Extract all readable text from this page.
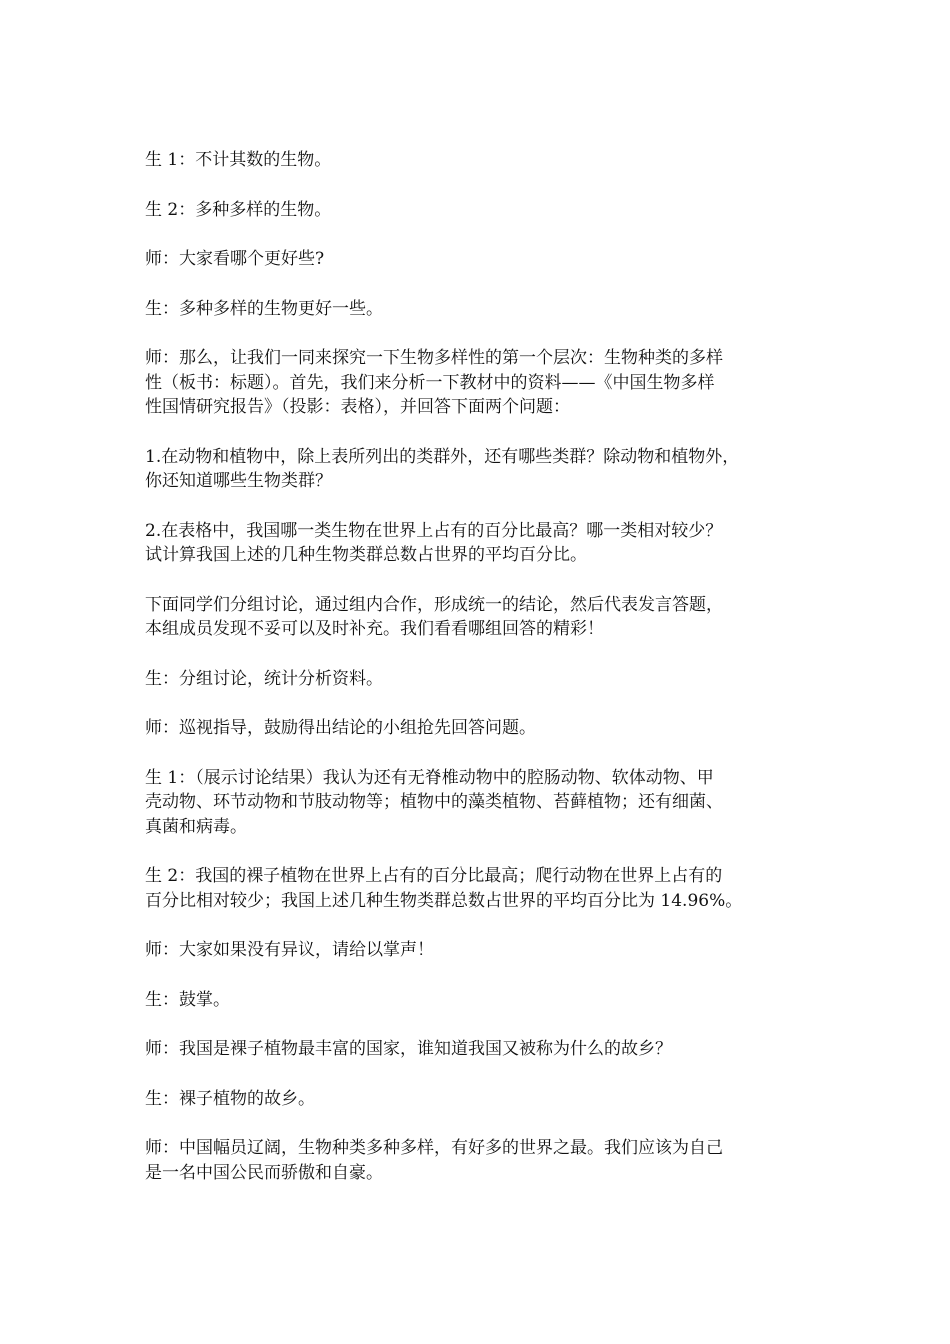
生 1：不计其数的生物。

生 2：多种多样的生物。

师：大家看哪个更好些?

生：多种多样的生物更好一些。

师：那么，让我们一同来探究一下生物多样性的第一个层次：生物种类的多样
性（板书：标题）。首先，我们来分析一下教材中的资料——《中国生物多样
性国情研究报告》（投影：表格），并回答下面两个问题：

1.在动物和植物中，除上表所列出的类群外，还有哪些类群？除动物和植物外，
你还知道哪些生物类群？

2.在表格中，我国哪一类生物在世界上占有的百分比最高？哪一类相对较少？
试计算我国上述的几种生物类群总数占世界的平均百分比。

下面同学们分组讨论，通过组内合作，形成统一的结论，然后代表发言答题，
本组成员发现不妥可以及时补充。我们看看哪组回答的精彩！

生：分组讨论，统计分析资料。

师：巡视指导，鼓励得出结论的小组抢先回答问题。

生 1：（展示讨论结果）我认为还有无脊椎动物中的腔肠动物、软体动物、甲
壳动物、环节动物和节肢动物等；植物中的藻类植物、苔藓植物；还有细菌、
真菌和病毒。

生 2：我国的裸子植物在世界上占有的百分比最高；爬行动物在世界上占有的
百分比相对较少；我国上述几种生物类群总数占世界的平均百分比为 14.96%。

师：大家如果没有异议，请给以掌声！

生：鼓掌。

师：我国是裸子植物最丰富的国家，谁知道我国又被称为什么的故乡？

生：裸子植物的故乡。

师：中国幅员辽阔，生物种类多种多样，有好多的世界之最。我们应该为自己
是一名中国公民而骄傲和自豪。
